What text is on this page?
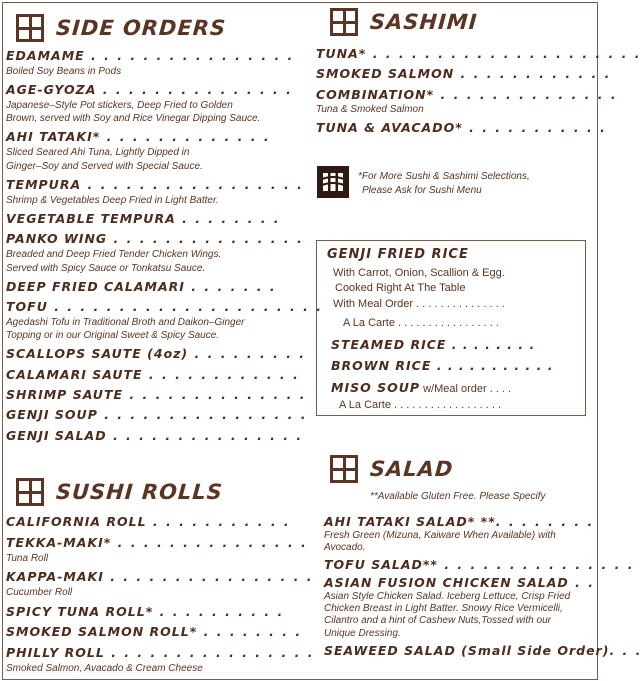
SIDE ORDERS
EDAMAME . . . . . . . . . . . . . . . .
Boiled Soy Beans in Pods
AGE-GYOZA . . . . . . . . . . . . . . .
Japanese–Style Pot stickers, Deep Fried to Golden
Brown, served with Soy and Rice Vinegar Dipping Sauce.
AHI TATAKI* . . . . . . . . . . . . .
Sliced Seared Ahi Tuna, Lightly Dipped in
Ginger–Soy and Served with Special Sauce.
TEMPURA . . . . . . . . . . . . . . . . .
Shrimp & Vegetables Deep Fried in Light Batter.
VEGETABLE TEMPURA . . . . . . . .
PANKO WING . . . . . . . . . . . . . . .
Breaded and Deep Fried Tender Chicken Wings.
Served with Spicy Sauce or Tonkatsu Sauce.
DEEP FRIED CALAMARI . . . . . . .
TOFU . . . . . . . . . . . . . . . . . . . . .
Agedashi Tofu in Traditional Broth and Daikon–Ginger
Topping or in our Original Sweet & Spicy Sauce.
SCALLOPS SAUTE (4oz) . . . . . . . . .
CALAMARI SAUTE . . . . . . . . . . . .
SHRIMP SAUTE . . . . . . . . . . . . . .
GENJI SOUP . . . . . . . . . . . . . . . .
GENJI SALAD . . . . . . . . . . . . . . .
SUSHI ROLLS
CALIFORNIA ROLL . . . . . . . . . . .
TEKKA-MAKI* . . . . . . . . . . . . . . .
Tuna Roll
KAPPA-MAKI . . . . . . . . . . . . . . . .
Cucumber Roll
SPICY TUNA ROLL* . . . . . . . . . .
SMOKED SALMON ROLL* . . . . . . . .
PHILLY ROLL . . . . . . . . . . . . . . . .
Smoked Salmon, Avacado & Cream Cheese
SASHIMI
TUNA* . . . . . . . . . . . . . . . . . . . . .
SMOKED SALMON . . . . . . . . . . . .
COMBINATION* . . . . . . . . . . . . . .
Tuna & Smoked Salmon
TUNA & AVACADO* . . . . . . . . . . .
SALAD
**Available Gluten Free. Please Specify
AHI TATAKI SALAD* **. . . . . . . .
Fresh Green (Mizuna, Kaiware When Available) with
Avocado.
TOFU SALAD** . . . . . . . . . . . . . . .
ASIAN FUSION CHICKEN SALAD . .
Asian Style Chicken Salad. Iceberg Lettuce, Crisp Fried
Chicken Breast in Light Batter. Snowy Rice Vermicelli,
Cilantro and a hint of Cashew Nuts,Tossed with our
Unique Dressing.
SEAWEED SALAD (Small Side Order). . .
*For More Sushi & Sashimi Selections,
Please Ask for Sushi Menu
GENJI FRIED RICE
With Carrot, Onion, Scallion & Egg.
Cooked Right At The Table
With Meal Order . . . . . . . . . . . . . . .
A La Carte . . . . . . . . . . . . . . . . .
STEAMED RICE . . . . . . . .
BROWN RICE . . . . . . . . . . .
MISO SOUP w/Meal order . . . .
A La Carte . . . . . . . . . . . . . . . . . .
